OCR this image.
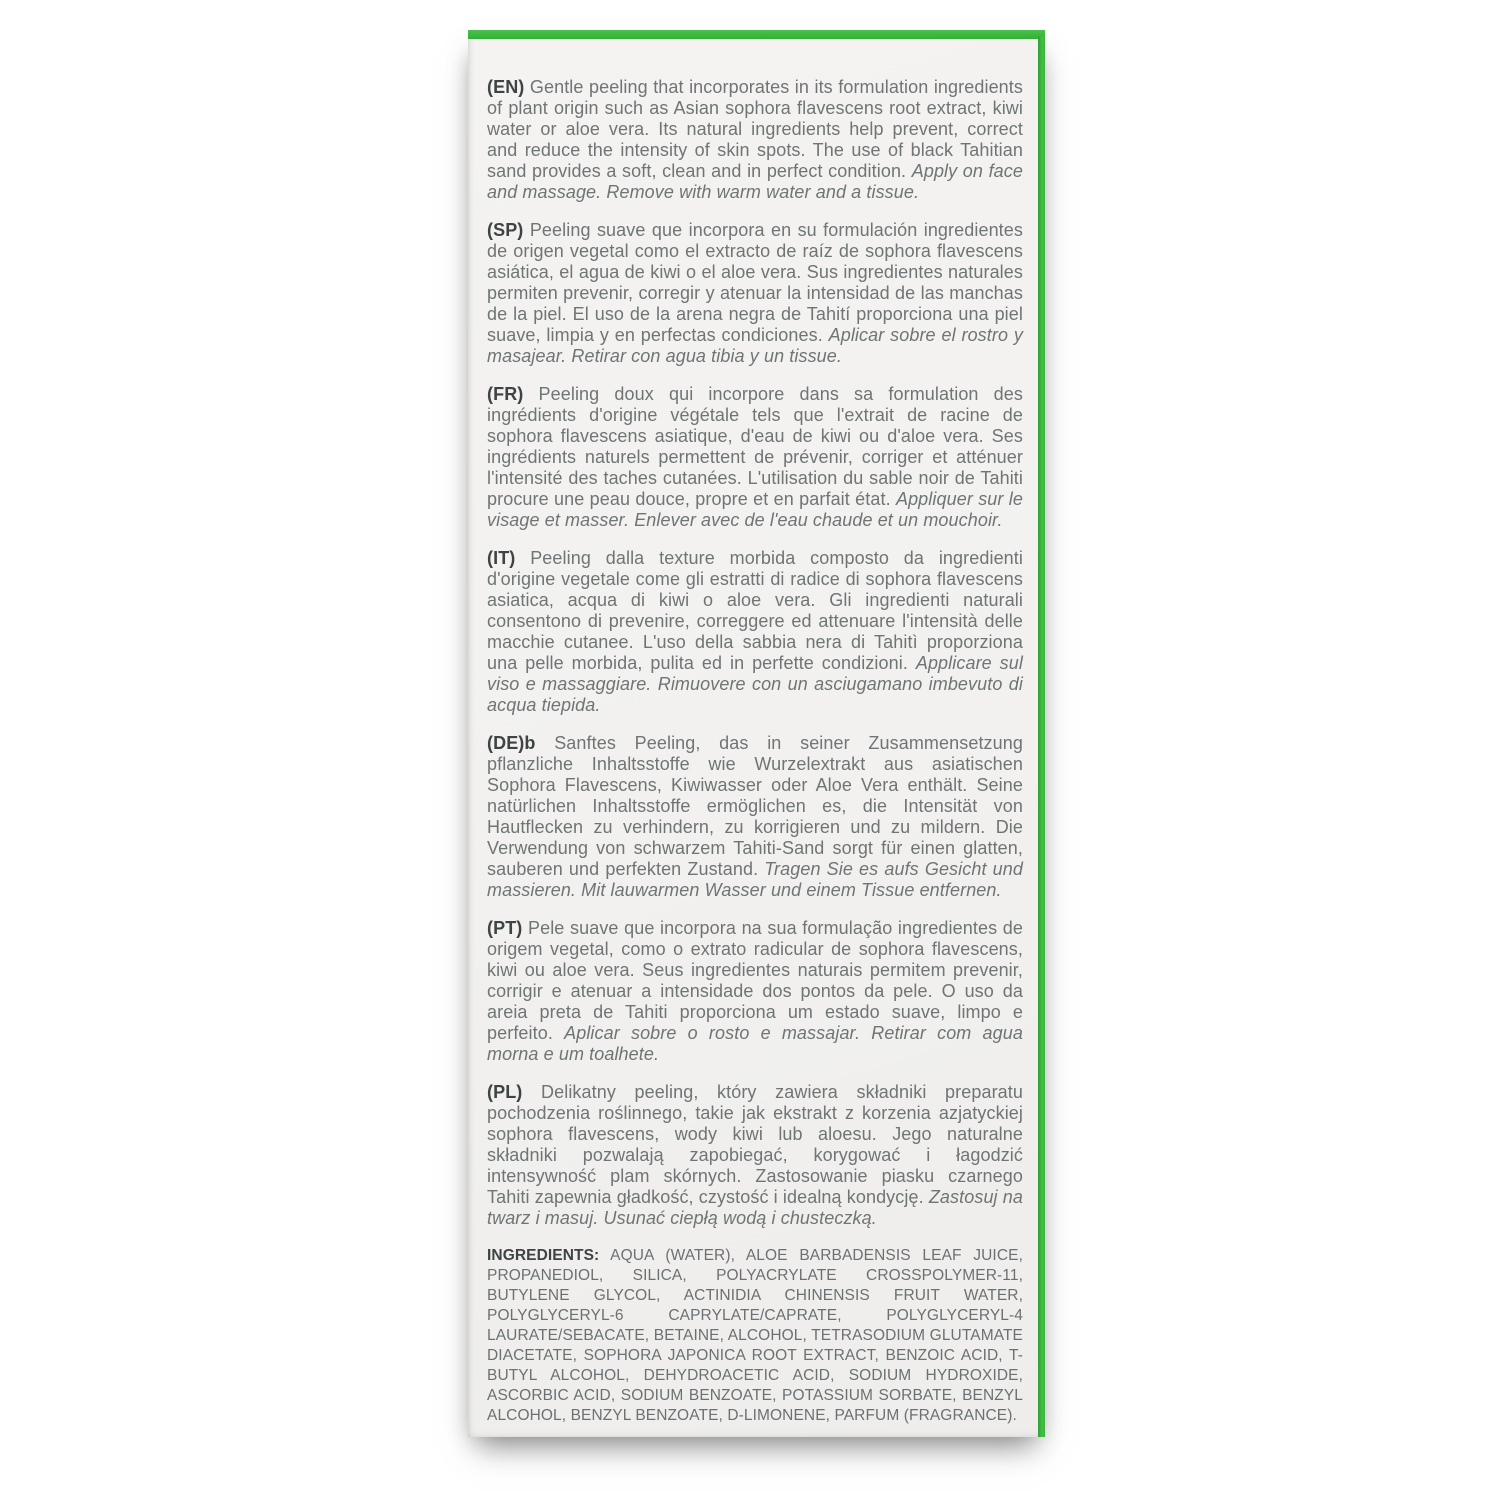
(EN) Gentle peeling that incorporates in its formulation ingredients of plant origin such as Asian sophora flavescens root extract, kiwi water or aloe vera. Its natural ingredients help prevent, correct and reduce the intensity of skin spots. The use of black Tahitian sand provides a soft, clean and in perfect condition. Apply on face and massage. Remove with warm water and a tissue.

(SP) Peeling suave que incorpora en su formulación ingredientes de origen vegetal como el extracto de raíz de sophora flavescens asiática, el agua de kiwi o el aloe vera. Sus ingredientes naturales permiten prevenir, corregir y atenuar la intensidad de las manchas de la piel. El uso de la arena negra de Tahití proporciona una piel suave, limpia y en perfectas condiciones. Aplicar sobre el rostro y masajear. Retirar con agua tibia y un tissue.

(FR) Peeling doux qui incorpore dans sa formulation des ingrédients d'origine végétale tels que l'extrait de racine de sophora flavescens asiatique, d'eau de kiwi ou d'aloe vera. Ses ingrédients naturels permettent de prévenir, corriger et atténuer l'intensité des taches cutanées. L'utilisation du sable noir de Tahiti procure une peau douce, propre et en parfait état. Appliquer sur le visage et masser. Enlever avec de l'eau chaude et un mouchoir.

(IT) Peeling dalla texture morbida composto da ingredienti d'origine vegetale come gli estratti di radice di sophora flavescens asiatica, acqua di kiwi o aloe vera. Gli ingredienti naturali consentono di prevenire, correggere ed attenuare l'intensità delle macchie cutanee. L'uso della sabbia nera di Tahitì proporziona una pelle morbida, pulita ed in perfette condizioni. Applicare sul viso e massaggiare. Rimuovere con un asciugamano imbevuto di acqua tiepida.

(DE)b Sanftes Peeling, das in seiner Zusammensetzung pflanzliche Inhaltsstoffe wie Wurzelextrakt aus asiatischen Sophora Flavescens, Kiwiwasser oder Aloe Vera enthält. Seine natürlichen Inhaltsstoffe ermöglichen es, die Intensität von Hautflecken zu verhindern, zu korrigieren und zu mildern. Die Verwendung von schwarzem Tahiti-Sand sorgt für einen glatten, sauberen und perfekten Zustand. Tragen Sie es aufs Gesicht und massieren. Mit lauwarmen Wasser und einem Tissue entfernen.

(PT) Pele suave que incorpora na sua formulação ingredientes de origem vegetal, como o extrato radicular de sophora flavescens, kiwi ou aloe vera. Seus ingredientes naturais permitem prevenir, corrigir e atenuar a intensidade dos pontos da pele. O uso da areia preta de Tahiti proporciona um estado suave, limpo e perfeito. Aplicar sobre o rosto e massajar. Retirar com agua morna e um toalhete.

(PL) Delikatny peeling, który zawiera składniki preparatu pochodzenia roślinnego, takie jak ekstrakt z korzenia azjatyckiej sophora flavescens, wody kiwi lub aloesu. Jego naturalne składniki pozwalają zapobiegać, korygować i łagodzić intensywność plam skórnych. Zastosowanie piasku czarnego Tahiti zapewnia gładkość, czystość i idealną kondycję. Zastosuj na twarz i masuj. Usunać ciepłą wodą i chusteczką.

INGREDIENTS: AQUA (WATER), ALOE BARBADENSIS LEAF JUICE, PROPANEDIOL, SILICA, POLYACRYLATE CROSSPOLYMER-11, BUTYLENE GLYCOL, ACTINIDIA CHINENSIS FRUIT WATER, POLYGLYCERYL-6 CAPRYLATE/CAPRATE, POLYGLYCERYL-4 LAURATE/SEBACATE, BETAINE, ALCOHOL, TETRASODIUM GLUTAMATE DIACETATE, SOPHORA JAPONICA ROOT EXTRACT, BENZOIC ACID, T-BUTYL ALCOHOL, DEHYDROACETIC ACID, SODIUM HYDROXIDE, ASCORBIC ACID, SODIUM BENZOATE, POTASSIUM SORBATE, BENZYL ALCOHOL, BENZYL BENZOATE, D-LIMONENE, PARFUM (FRAGRANCE).
